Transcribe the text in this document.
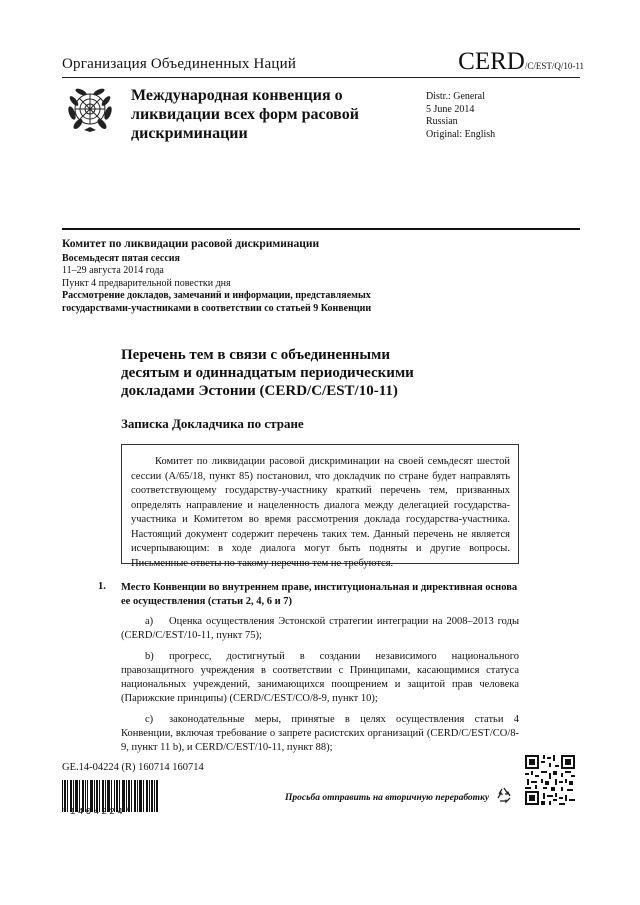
Организация Объединенных Наций	CERD/C/EST/Q/10-11
Международная конвенция о ликвидации всех форм расовой дискриминации
Distr.: General
5 June 2014
Russian
Original: English
Комитет по ликвидации расовой дискриминации
Восемьдесят пятая сессия
11–29 августа 2014 года
Пункт 4 предварительной повестки дня
Рассмотрение докладов, замечаний и информации, представляемых государствами-участниками в соответствии со статьей 9 Конвенции
Перечень тем в связи с объединенными десятым и одиннадцатым периодическими докладами Эстонии (CERD/C/EST/10-11)
Записка Докладчика по стране

Комитет по ликвидации расовой дискриминации на своей семьдесят шестой сессии (A/65/18, пункт 85) постановил, что докладчик по стране будет направлять соответствующему государству-участнику краткий перечень тем, призванных определять направление и нацеленность диалога между делегацией государства-участника и Комитетом во время рассмотрения доклада государства-участника. Настоящий документ содержит перечень таких тем. Данный перечень не является исчерпывающим: в ходе диалога могут быть подняты и другие вопросы. Письменные ответы по такому перечню тем не требуются.

1. Место Конвенции во внутреннем праве, институциональная и директивная основа ее осуществления (статьи 2, 4, 6 и 7)

a) Оценка осуществления Эстонской стратегии интеграции на 2008–2013 годы (CERD/C/EST/10-11, пункт 75);

b) прогресс, достигнутый в создании независимого национального правозащитного учреждения в соответствии с Принципами, касающимися статуса национальных учреждений, занимающихся поощрением и защитой прав человека (Парижские принципы) (CERD/C/EST/CO/8-9, пункт 10);

c) законодательные меры, принятые в целях осуществления статьи 4 Конвенции, включая требование о запрете расистских организаций (CERD/C/EST/CO/8-9, пункт 11 b), и CERD/C/EST/10-11, пункт 88);

GE.14-04224 (R) 160714 160714
*1404224*
Просьба отправить на вторичную переработку
